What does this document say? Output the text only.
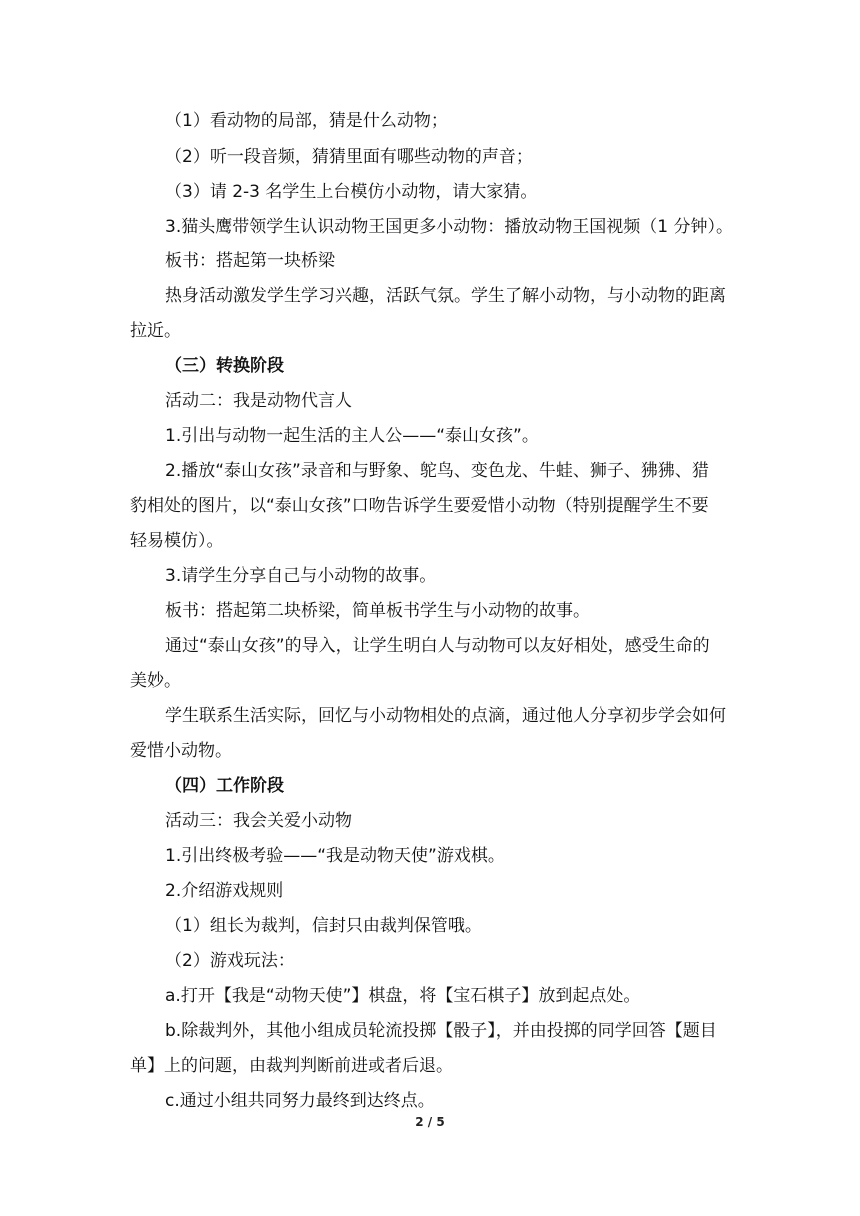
（1）看动物的局部，猜是什么动物；
（2）听一段音频，猜猜里面有哪些动物的声音；
（3）请 2-3 名学生上台模仿小动物，请大家猜。
3.猫头鹰带领学生认识动物王国更多小动物：播放动物王国视频（1 分钟）。
板书：搭起第一块桥梁
热身活动激发学生学习兴趣，活跃气氛。学生了解小动物，与小动物的距离
拉近。
（三）转换阶段
活动二：我是动物代言人
1.引出与动物一起生活的主人公——“泰山女孩”。
2.播放“泰山女孩”录音和与野象、鸵鸟、变色龙、牛蛙、狮子、狒狒、猎
豹相处的图片，以“泰山女孩”口吻告诉学生要爱惜小动物（特别提醒学生不要
轻易模仿）。
3.请学生分享自己与小动物的故事。
板书：搭起第二块桥梁，简单板书学生与小动物的故事。
通过“泰山女孩”的导入，让学生明白人与动物可以友好相处，感受生命的
美妙。
学生联系生活实际，回忆与小动物相处的点滴，通过他人分享初步学会如何
爱惜小动物。
（四）工作阶段
活动三：我会关爱小动物
1.引出终极考验——“我是动物天使”游戏棋。
2.介绍游戏规则
（1）组长为裁判，信封只由裁判保管哦。
（2）游戏玩法：
a.打开【我是“动物天使”】棋盘，将【宝石棋子】放到起点处。
b.除裁判外，其他小组成员轮流投掷【骰子】，并由投掷的同学回答【题目
单】上的问题，由裁判判断前进或者后退。
c.通过小组共同努力最终到达终点。
2 / 5
